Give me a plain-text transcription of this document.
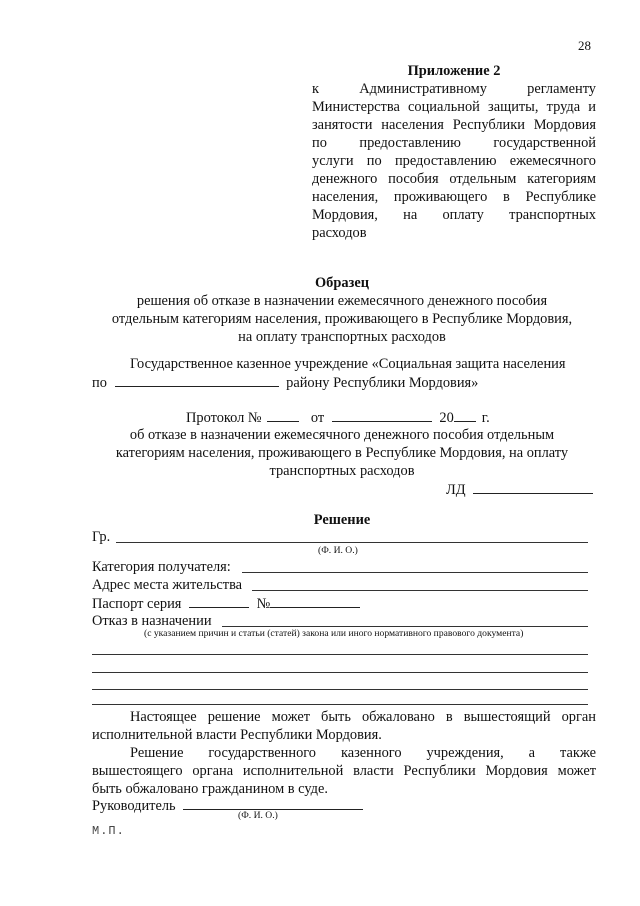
28
Приложение 2
к Административному регламенту
Министерства социальной защиты, труда и
занятости населения Республики Мордовия
по предоставлению государственной
услуги по предоставлению ежемесячного
денежного пособия отдельным категориям
населения, проживающего в Республике
Мордовия, на оплату транспортных
расходов
Образец
решения об отказе в назначении ежемесячного денежного пособия
отдельным категориям населения, проживающего в Республике Мордовия,
на оплату транспортных расходов
Государственное казенное учреждение «Социальная защита населения
по	району Республики Мордовия»
Протокол №	от	20 г.
об отказе в назначении ежемесячного денежного пособия отдельным
категориям населения, проживающего в Республике Мордовия, на оплату
транспортных расходов
ЛД
Решение
Гр.
(Ф. И. О.)
Категория получателя:
Адрес места жительства
Паспорт серия	№
Отказ в назначении
(с указанием причин и статьи (статей) закона или иного нормативного правового документа)
Настоящее решение может быть обжаловано в вышестоящий орган
исполнительной власти Республики Мордовия.
Решение государственного казенного учреждения, а также
вышестоящего органа исполнительной власти Республики Мордовия может
быть обжаловано гражданином в суде.
Руководитель
(Ф. И. О.)
М.П.
